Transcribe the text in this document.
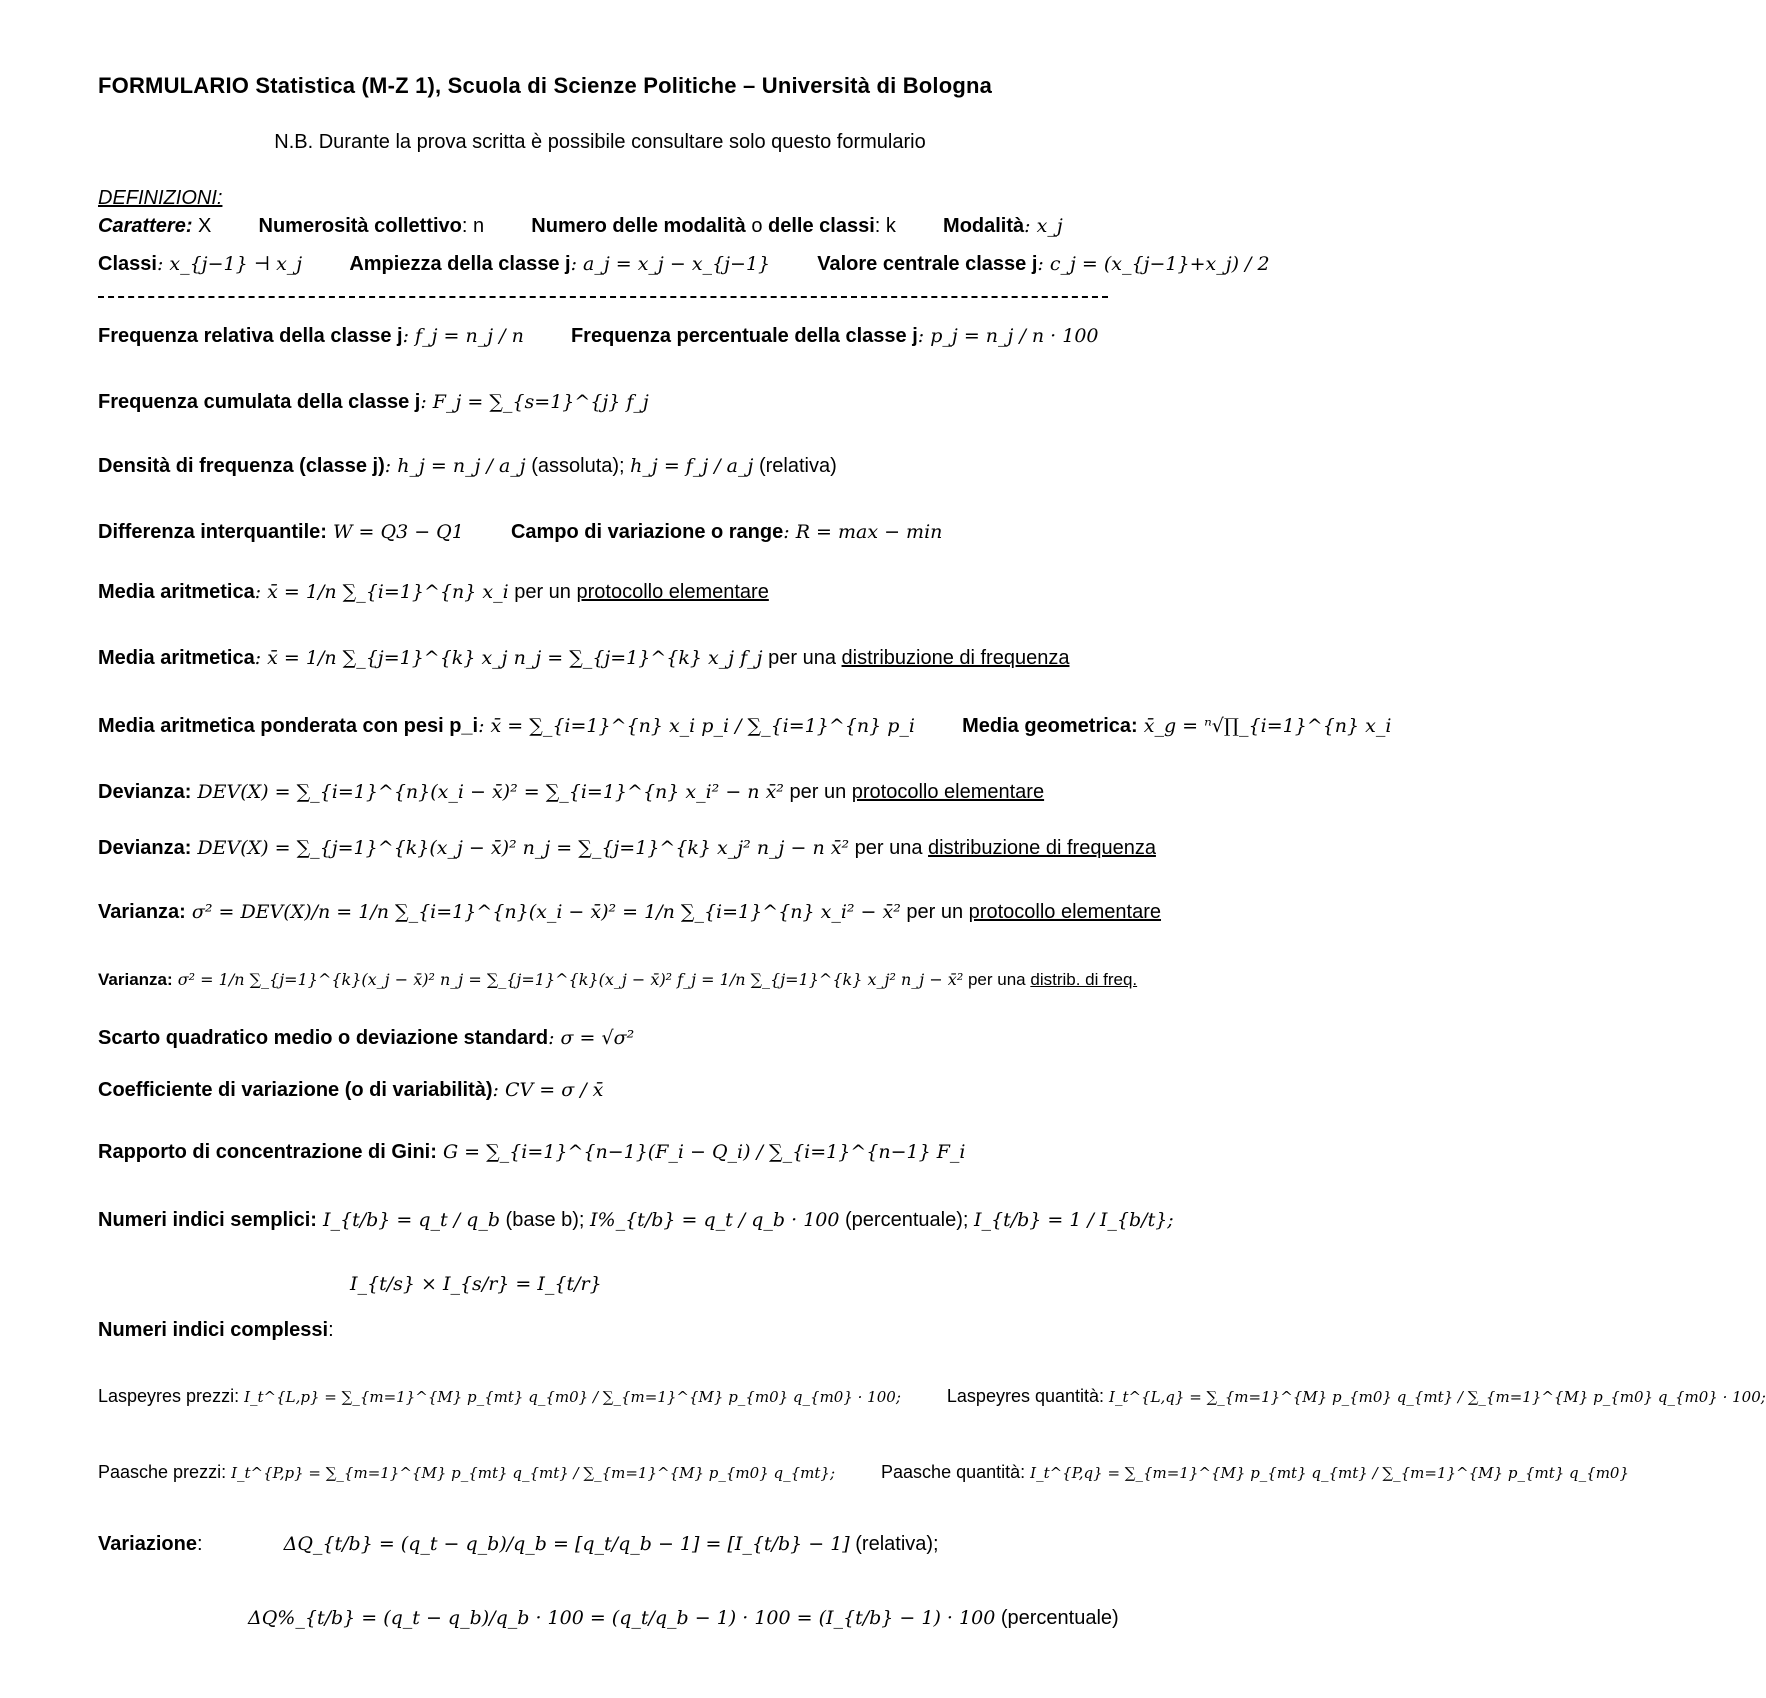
FORMULARIO Statistica (M-Z 1), Scuola di Scienze Politiche – Università di Bologna
N.B. Durante la prova scritta è possibile consultare solo questo formulario
DEFINIZIONI:
Carattere: X Numerosità collettivo: n Numero delle modalità o delle classi: k Modalità: x_j
Classi: x_{j−1} ⊣ x_j Ampiezza della classe j: a_j = x_j − x_{j−1} Valore centrale classe j: c_j = (x_{j−1}+x_j) / 2
Frequenza relativa della classe j: f_j = n_j / n Frequenza percentuale della classe j: p_j = n_j / n · 100
Frequenza cumulata della classe j: F_j = ∑_{s=1}^{j} f_j
Densità di frequenza (classe j): h_j = n_j / a_j (assoluta); h_j = f_j / a_j (relativa)
Differenza interquantile: W = Q3 − Q1 Campo di variazione o range: R = max − min
Media aritmetica: x̄ = 1/n ∑_{i=1}^{n} x_i per un protocollo elementare
Media aritmetica: x̄ = 1/n ∑_{j=1}^{k} x_j n_j = ∑_{j=1}^{k} x_j f_j per una distribuzione di frequenza
Media aritmetica ponderata con pesi p_i: x̄ = ∑_{i=1}^{n} x_i p_i / ∑_{i=1}^{n} p_i Media geometrica: x̄_g = ⁿ√∏_{i=1}^{n} x_i
Devianza: DEV(X) = ∑_{i=1}^{n}(x_i − x̄)² = ∑_{i=1}^{n} x_i² − n x̄² per un protocollo elementare
Devianza: DEV(X) = ∑_{j=1}^{k}(x_j − x̄)² n_j = ∑_{j=1}^{k} x_j² n_j − n x̄² per una distribuzione di frequenza
Varianza: σ² = DEV(X)/n = 1/n ∑_{i=1}^{n}(x_i − x̄)² = 1/n ∑_{i=1}^{n} x_i² − x̄² per un protocollo elementare
Varianza: σ² = 1/n ∑_{j=1}^{k}(x_j − x̄)² n_j = ∑_{j=1}^{k}(x_j − x̄)² f_j = 1/n ∑_{j=1}^{k} x_j² n_j − x̄² per una distrib. di freq.
Scarto quadratico medio o deviazione standard: σ = √σ²
Coefficiente di variazione (o di variabilità): CV = σ / x̄
Rapporto di concentrazione di Gini: G = ∑_{i=1}^{n−1}(F_i − Q_i) / ∑_{i=1}^{n−1} F_i
Numeri indici semplici: I_{t/b} = q_t / q_b (base b); I%_{t/b} = q_t / q_b · 100 (percentuale); I_{t/b} = 1 / I_{b/t};
I_{t/s} × I_{s/r} = I_{t/r}
Numeri indici complessi:
Laspeyres prezzi: I_t^{L,p} = ∑_{m=1}^{M} p_{mt} q_{m0} / ∑_{m=1}^{M} p_{m0} q_{m0} · 100;	Laspeyres quantità: I_t^{L,q} = ∑_{m=1}^{M} p_{m0} q_{mt} / ∑_{m=1}^{M} p_{m0} q_{m0} · 100;
Paasche prezzi: I_t^{P,p} = ∑_{m=1}^{M} p_{mt} q_{mt} / ∑_{m=1}^{M} p_{m0} q_{mt};	Paasche quantità: I_t^{P,q} = ∑_{m=1}^{M} p_{mt} q_{mt} / ∑_{m=1}^{M} p_{mt} q_{m0}
Variazione:	ΔQ_{t/b} = (q_t − q_b)/q_b = [q_t/q_b − 1] = [I_{t/b} − 1] (relativa);
ΔQ%_{t/b} = (q_t − q_b)/q_b · 100 = (q_t/q_b − 1) · 100 = (I_{t/b} − 1) · 100 (percentuale)
